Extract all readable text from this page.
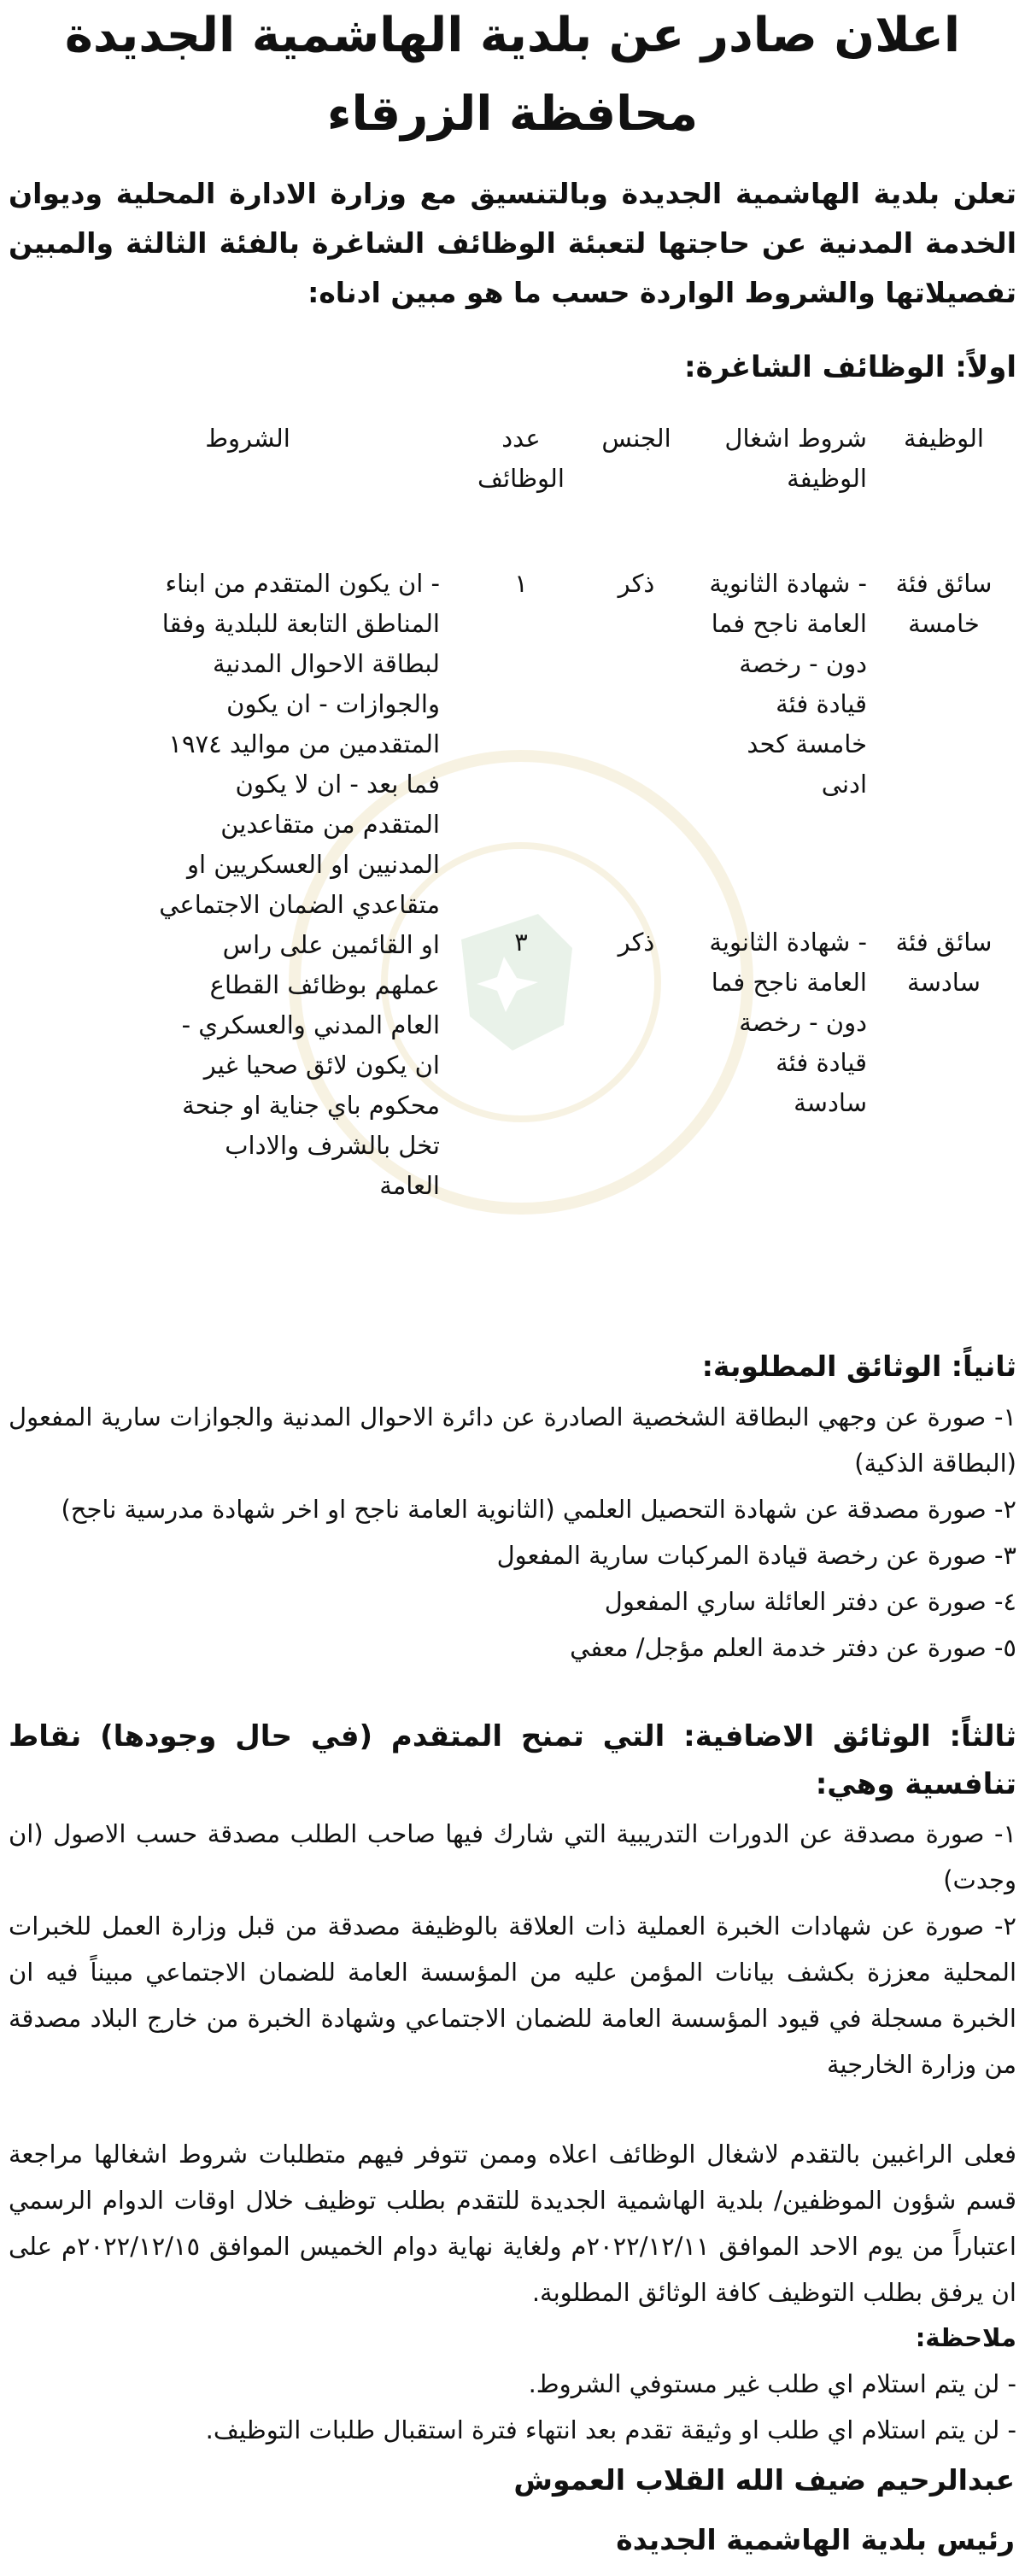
اعلان صادر عن بلدية الهاشمية الجديدة
محافظة الزرقاء
تعلن بلدية الهاشمية الجديدة وبالتنسيق مع وزارة الادارة المحلية وديوان الخدمة المدنية عن حاجتها لتعبئة الوظائف الشاغرة بالفئة الثالثة والمبين تفصيلاتها والشروط الواردة حسب ما هو مبين ادناه:
اولاً: الوظائف الشاغرة:
الوظيفة
شروط اشغال الوظيفة
الجنس
عدد الوظائف
الشروط
سائق فئة خامسة
- شهادة الثانوية العامة ناجح فما دون - رخصة قيادة فئة خامسة كحد ادنى
ذكر
١
سائق فئة سادسة
- شهادة الثانوية العامة ناجح فما دون - رخصة قيادة فئة سادسة
ذكر
٣
- ان يكون المتقدم من ابناء المناطق التابعة للبلدية وفقا لبطاقة الاحوال المدنية والجوازات - ان يكون المتقدمين من مواليد ١٩٧٤ فما بعد - ان لا يكون المتقدم من متقاعدين المدنيين او العسكريين او متقاعدي الضمان الاجتماعي او القائمين على راس عملهم بوظائف القطاع العام المدني والعسكري - ان يكون لائق صحيا غير محكوم باي جناية او جنحة تخل بالشرف والاداب العامة
ثانياً: الوثائق المطلوبة:
١- صورة عن وجهي البطاقة الشخصية الصادرة عن دائرة الاحوال المدنية والجوازات سارية المفعول (البطاقة الذكية)
٢- صورة مصدقة عن شهادة التحصيل العلمي (الثانوية العامة ناجح او اخر شهادة مدرسية ناجح)
٣- صورة عن رخصة قيادة المركبات سارية المفعول
٤- صورة عن دفتر العائلة ساري المفعول
٥- صورة عن دفتر خدمة العلم مؤجل/ معفي
ثالثاً: الوثائق الاضافية: التي تمنح المتقدم (في حال وجودها) نقاط تنافسية وهي:
١- صورة مصدقة عن الدورات التدريبية التي شارك فيها صاحب الطلب مصدقة حسب الاصول (ان وجدت)
٢- صورة عن شهادات الخبرة العملية ذات العلاقة بالوظيفة مصدقة من قبل وزارة العمل للخبرات المحلية معززة بكشف بيانات المؤمن عليه من المؤسسة العامة للضمان الاجتماعي مبيناً فيه ان الخبرة مسجلة في قيود المؤسسة العامة للضمان الاجتماعي وشهادة الخبرة من خارج البلاد مصدقة من وزارة الخارجية
فعلى الراغبين بالتقدم لاشغال الوظائف اعلاه وممن تتوفر فيهم متطلبات شروط اشغالها مراجعة قسم شؤون الموظفين/ بلدية الهاشمية الجديدة للتقدم بطلب توظيف خلال اوقات الدوام الرسمي اعتباراً من يوم الاحد الموافق ٢٠٢٢/١٢/١١م ولغاية نهاية دوام الخميس الموافق ٢٠٢٢/١٢/١٥م على ان يرفق بطلب التوظيف كافة الوثائق المطلوبة.
ملاحظة:
- لن يتم استلام اي طلب غير مستوفي الشروط.
- لن يتم استلام اي طلب او وثيقة تقدم بعد انتهاء فترة استقبال طلبات التوظيف.
عبدالرحيم ضيف الله القلاب العموش
رئيس بلدية الهاشمية الجديدة
